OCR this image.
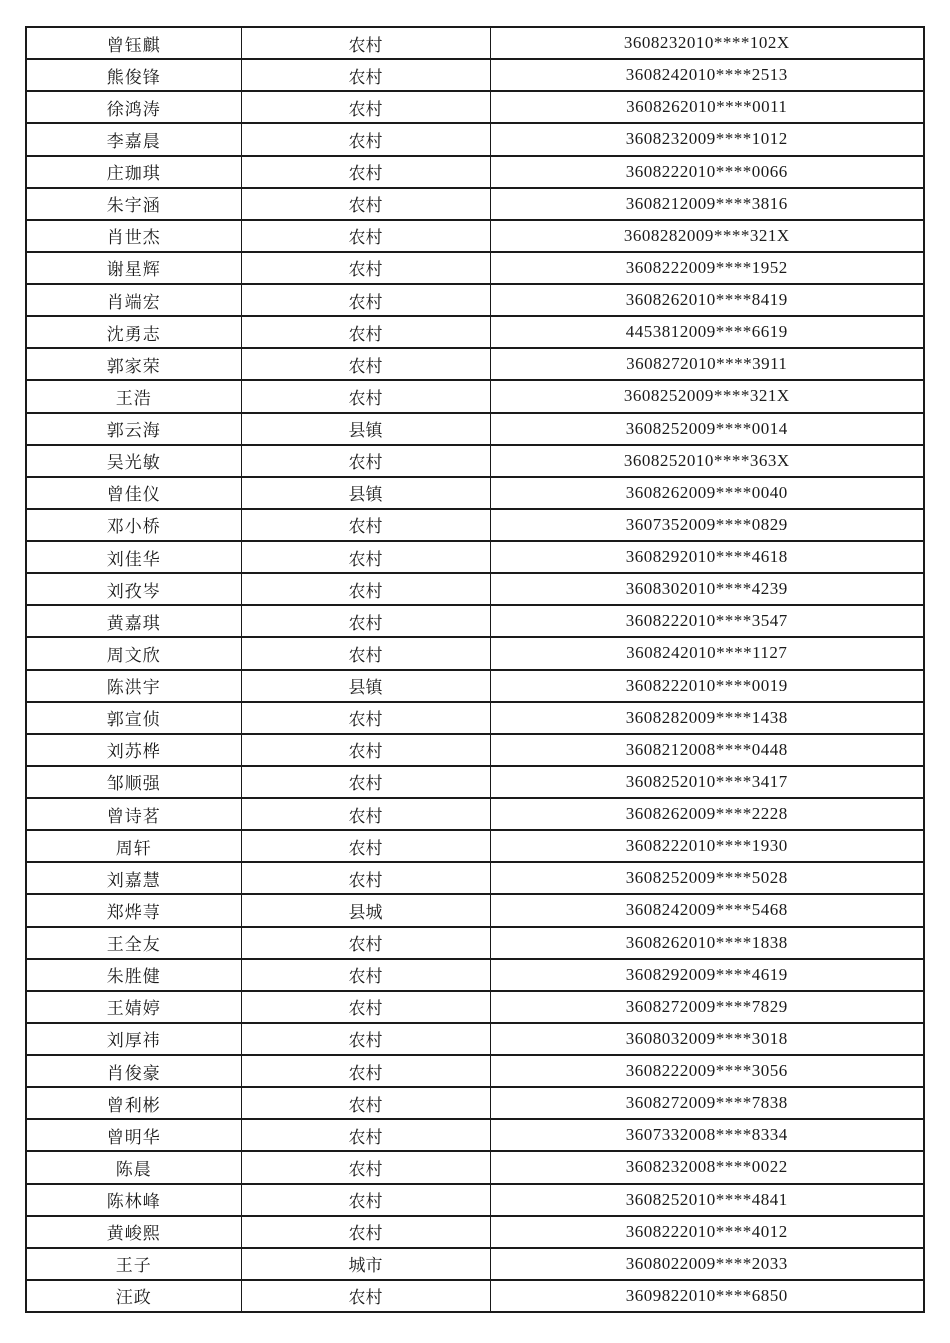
曾钰麒	农村	3608232010****102X
熊俊锋	农村	3608242010****2513
徐鸿涛	农村	3608262010****0011
李嘉晨	农村	3608232009****1012
庄珈琪	农村	3608222010****0066
朱宇涵	农村	3608212009****3816
肖世杰	农村	3608282009****321X
谢星辉	农村	3608222009****1952
肖端宏	农村	3608262010****8419
沈勇志	农村	4453812009****6619
郭家荣	农村	3608272010****3911
王浩	农村	3608252009****321X
郭云海	县镇	3608252009****0014
吴光敏	农村	3608252010****363X
曾佳仪	县镇	3608262009****0040
邓小桥	农村	3607352009****0829
刘佳华	农村	3608292010****4618
刘孜岑	农村	3608302010****4239
黄嘉琪	农村	3608222010****3547
周文欣	农村	3608242010****1127
陈洪宇	县镇	3608222010****0019
郭宣侦	农村	3608282009****1438
刘苏桦	农村	3608212008****0448
邹顺强	农村	3608252010****3417
曾诗茗	农村	3608262009****2228
周轩	农村	3608222010****1930
刘嘉慧	农村	3608252009****5028
郑烨荨	县城	3608242009****5468
王全友	农村	3608262010****1838
朱胜健	农村	3608292009****4619
王婧婷	农村	3608272009****7829
刘厚祎	农村	3608032009****3018
肖俊豪	农村	3608222009****3056
曾利彬	农村	3608272009****7838
曾明华	农村	3607332008****8334
陈晨	农村	3608232008****0022
陈林峰	农村	3608252010****4841
黄峻熙	农村	3608222010****4012
王子	城市	3608022009****2033
汪政	农村	3609822010****6850
